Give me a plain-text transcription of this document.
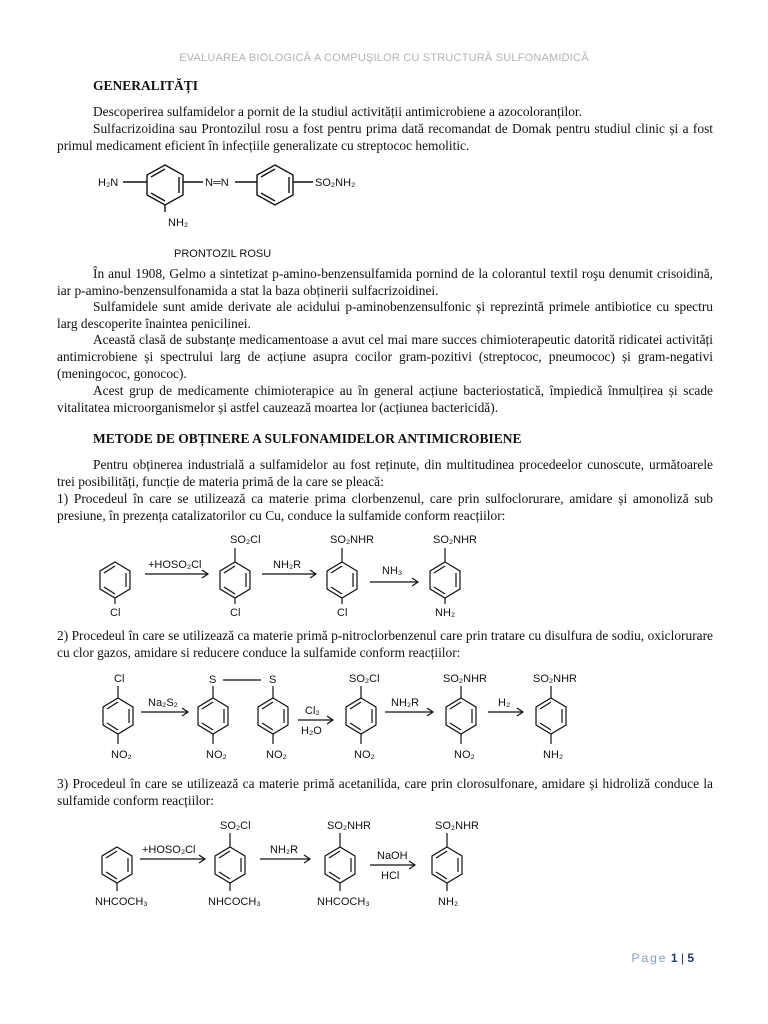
EVALUAREA BIOLOGICĂ A COMPUŞILOR CU STRUCTURĂ SULFONAMIDICĂ
GENERALITĂȚI
Descoperirea sulfamidelor a pornit de la studiul activității antimicrobiene a azocoloranților.
Sulfacrizoidina sau Prontozilul rosu a fost pentru prima dată recomandat de Domak pentru studiul clinic și a fost primul medicament eficient în infecțiile generalizate cu streptococ hemolitic.
H₂N	N═N	SO₂NH₂
NH₂
PRONTOZIL ROSU
În anul 1908, Gelmo a sintetizat p-amino-benzensulfamida pornind de la colorantul textil roşu denumit crisoidină, iar p-amino-benzensulfonamida a stat la baza obținerii sulfacrizoidinei.
Sulfamidele sunt amide derivate ale acidului p-aminobenzensulfonic și reprezintă primele antibiotice cu spectru larg descoperite înaintea penicilinei.
Această clasă de substanțe medicamentoase a avut cel mai mare succes chimioterapeutic datorită ridicatei activități antimicrobiene și spectrului larg de acțiune asupra cocilor gram-pozitivi (streptococ, pneumococ) și gram-negativi (meningococ, gonococ).
Acest grup de medicamente chimioterapice au în general acțiune bacteriostatică, împiedică înmulțirea și scade vitalitatea microorganismelor și astfel cauzează moartea lor (acțiunea bactericidă).
METODE DE OBȚINERE A SULFONAMIDELOR ANTIMICROBIENE
Pentru obținerea industrială a sulfamidelor au fost reținute, din multitudinea procedeelor cunoscute, următoarele trei posibilități, funcție de materia primă de la care se pleacă:
1) Procedeul în care se utilizează ca materie prima clorbenzenul, care prin sulfoclorurare, amidare și amonoliză sub presiune, în prezența catalizatorilor cu Cu, conduce la sulfamide conform reacțiilor:
Cl
+HOSO₂Cl
SO₂Cl
Cl
NH₂R
SO₂NHR
Cl
NH₃
SO₂NHR
NH₂
2) Procedeul în care se utilizează ca materie primă p-nitroclorbenzenul care prin tratare cu disulfura de sodiu, oxiclorurare cu clor gazos, amidare si reducere conduce la sulfamide conform reacțiilor:
Cl
NO₂
Na₂S₂
S	S
NO₂	NO₂
Cl₂
H₂O
SO₂Cl
NO₂
NH₂R
SO₂NHR
NO₂
H₂
SO₂NHR
NH₂
3) Procedeul în care se utilizează ca materie primă acetanilida, care prin clorosulfonare, amidare și hidroliză conduce la sulfamide conform reacțiilor:
NHCOCH₃
+HOSO₂Cl
SO₂Cl
NHCOCH₃
NH₂R
SO₂NHR
NHCOCH₃
NaOH
HCl
SO₂NHR
NH₂
Page 1 | 5
